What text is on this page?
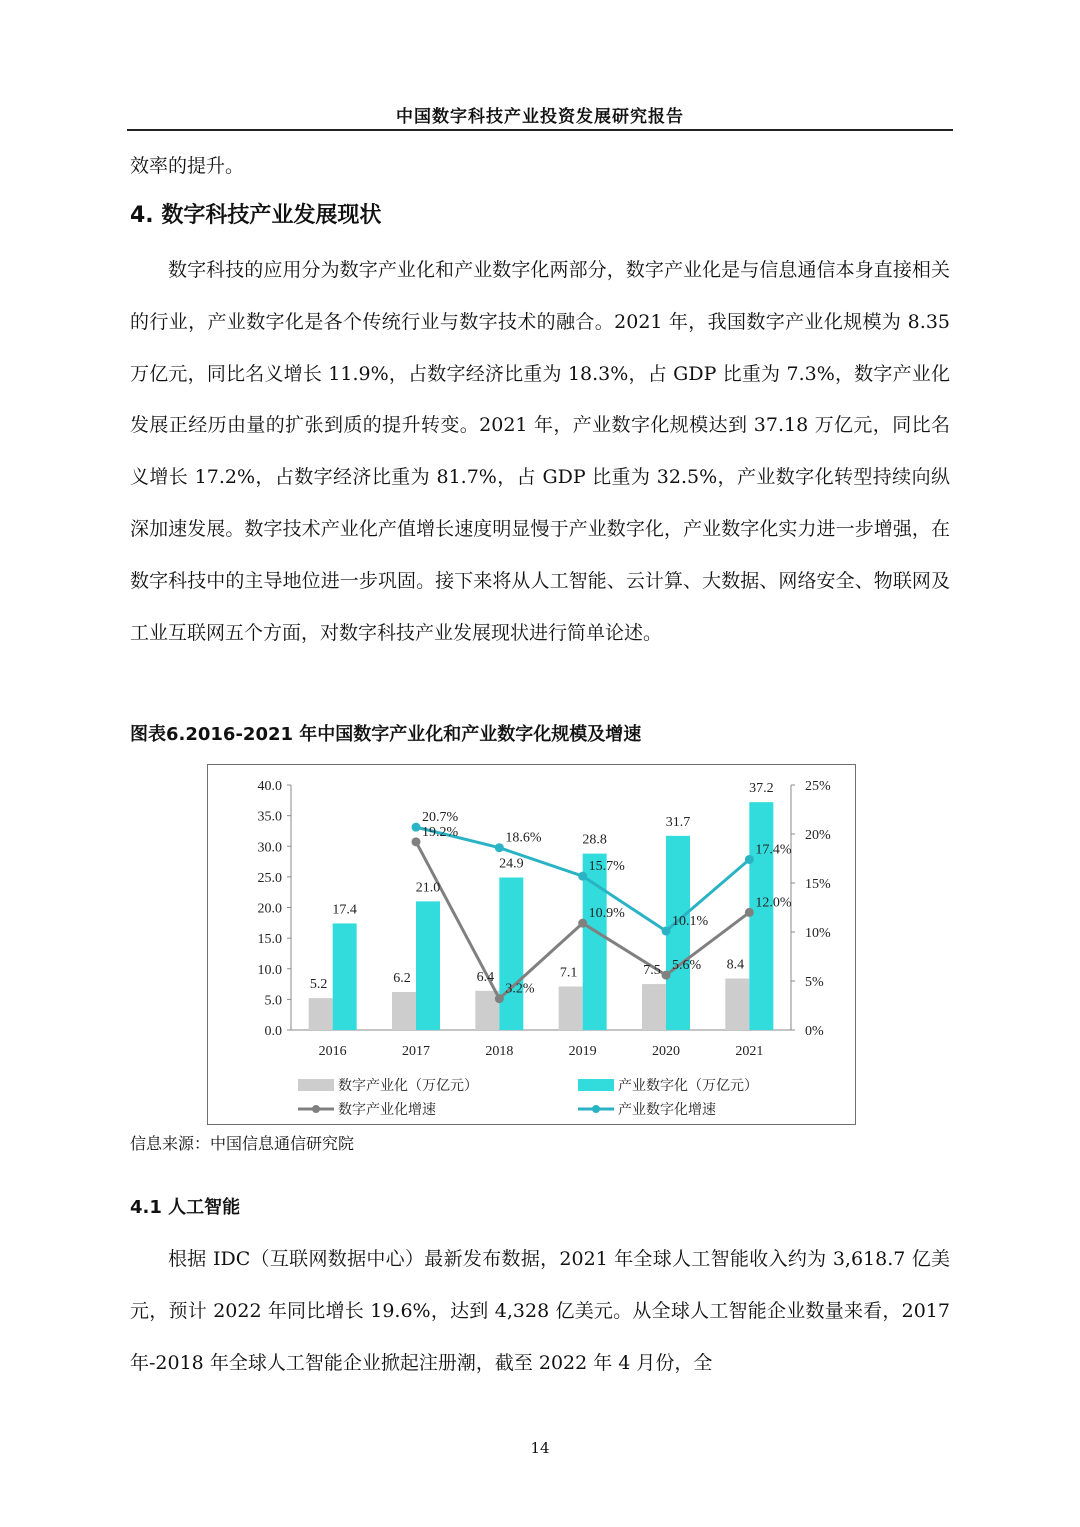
中国数字科技产业投资发展研究报告

效率的提升。

4. 数字科技产业发展现状

数字科技的应用分为数字产业化和产业数字化两部分，数字产业化是与信息通信本身直接相关的行业，产业数字化是各个传统行业与数字技术的融合。2021 年，我国数字产业化规模为 8.35 万亿元，同比名义增长 11.9%，占数字经济比重为 18.3%，占 GDP 比重为 7.3%，数字产业化发展正经历由量的扩张到质的提升转变。2021 年，产业数字化规模达到 37.18 万亿元，同比名义增长 17.2%，占数字经济比重为 81.7%，占 GDP 比重为 32.5%，产业数字化转型持续向纵深加速发展。数字技术产业化产值增长速度明显慢于产业数字化，产业数字化实力进一步增强，在数字科技中的主导地位进一步巩固。接下来将从人工智能、云计算、大数据、网络安全、物联网及工业互联网五个方面，对数字科技产业发展现状进行简单论述。

图表6.2016-2021 年中国数字产业化和产业数字化规模及增速

0.0
5.0
10.0
15.0
20.0
25.0
30.0
35.0
40.0
0%
5%
10%
15%
20%
25%
2016	2017	2018	2019	2020	2021
5.2	6.2	6.4	7.1	7.5	8.4
17.4
21.0
24.9
28.8
31.7
37.2
19.2%
3.2%
10.9%
5.6%
12.0%
20.7%
18.6%
15.7%
10.1%
17.4%
数字产业化（万亿元）	产业数字化（万亿元）
数字产业化增速	产业数字化增速

信息来源：中国信息通信研究院

4.1 人工智能

根据 IDC（互联网数据中心）最新发布数据，2021 年全球人工智能收入约为 3,618.7 亿美元，预计 2022 年同比增长 19.6%，达到 4,328 亿美元。从全球人工智能企业数量来看，2017 年-2018 年全球人工智能企业掀起注册潮，截至 2022 年 4 月份，全

14
